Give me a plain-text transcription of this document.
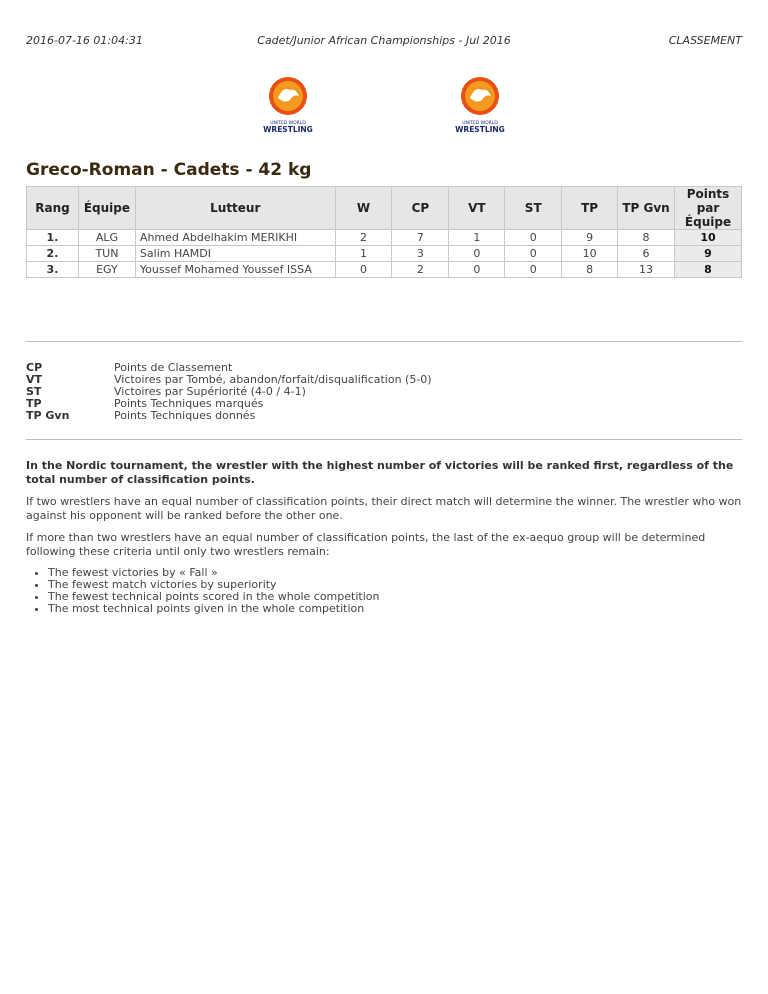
2016-07-16 01:04:31	Cadet/Junior African Championships - Jul 2016	CLASSEMENT
UNITED WORLD
WRESTLING
UNITED WORLD
WRESTLING
Greco-Roman - Cadets - 42 kg
Rang	Équipe	Lutteur	W	CP	VT	ST	TP	TP Gvn	Points
par
Équipe
1.	ALG	Ahmed Abdelhakim MERIKHI	2	7	1	0	9	8	10
2.	TUN	Salim HAMDI	1	3	0	0	10	6	9
3.	EGY	Youssef Mohamed Youssef ISSA	0	2	0	0	8	13	8
CP	Points de Classement
VT	Victoires par Tombé, abandon/forfait/disqualification (5-0)
ST	Victoires par Supériorité (4-0 / 4-1)
TP	Points Techniques marqués
TP Gvn	Points Techniques donnés

In the Nordic tournament, the wrestler with the highest number of victories will be ranked first, regardless of the total number of classification points.

If two wrestlers have an equal number of classification points, their direct match will determine the winner. The wrestler who won against his opponent will be ranked before the other one.

If more than two wrestlers have an equal number of classification points, the last of the ex-aequo group will be determined following these criteria until only two wrestlers remain:

• The fewest victories by « Fall »
• The fewest match victories by superiority
• The fewest technical points scored in the whole competition
• The most technical points given in the whole competition
